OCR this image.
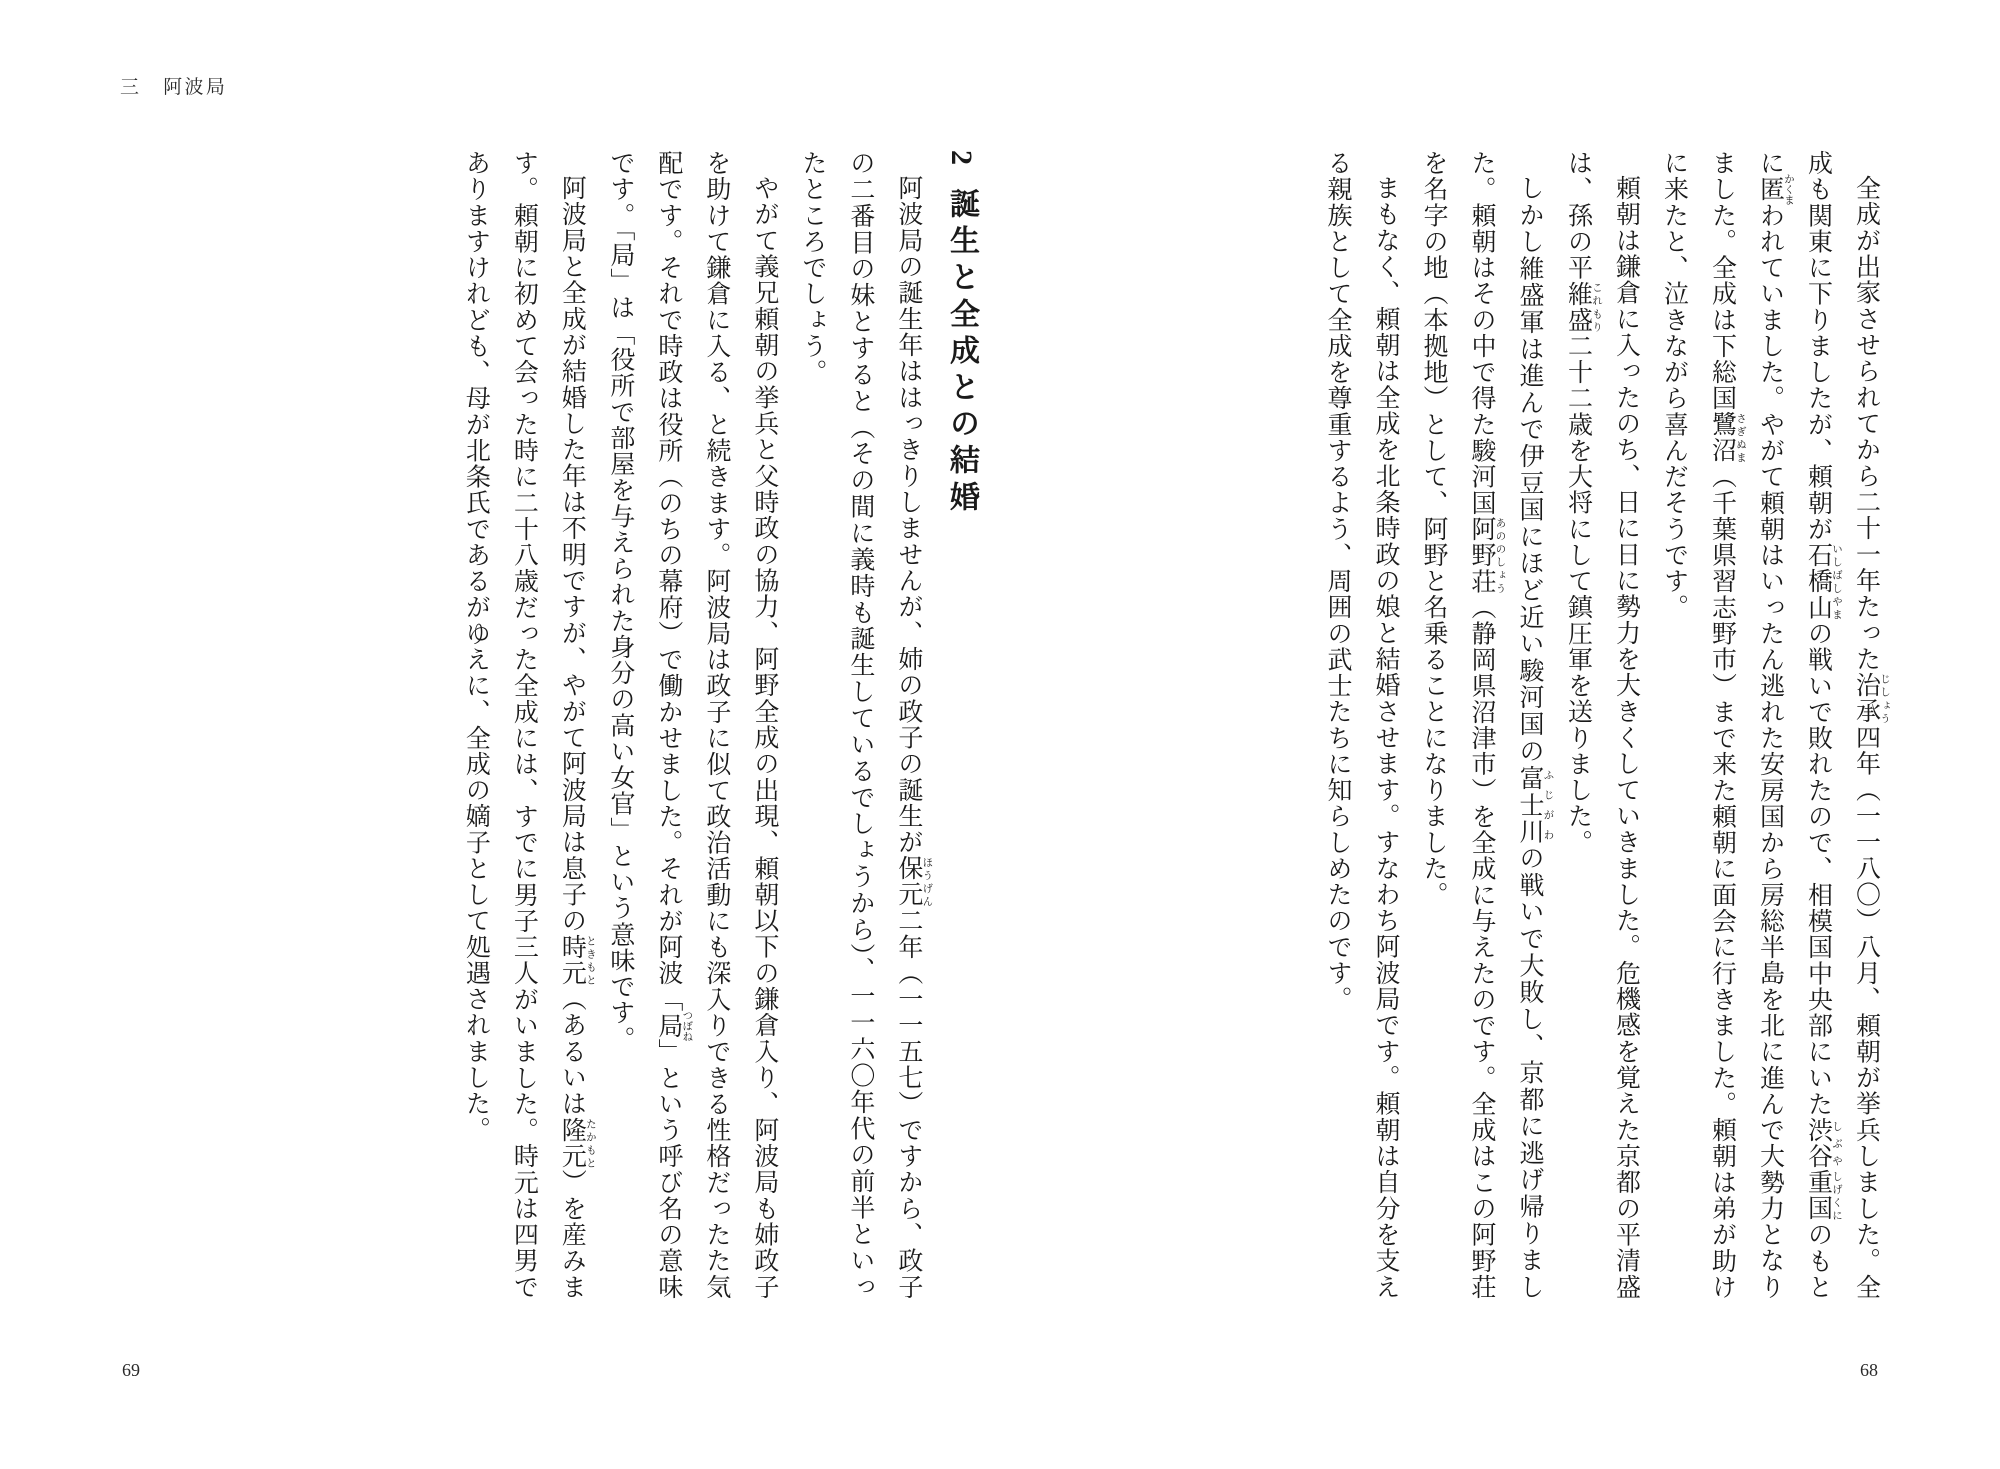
三 阿波局

全成が出家させられてから二十一年たった治承 じしょう四年（一一八〇）八月、頼朝が挙兵しました。全成も関東に下りましたが、頼朝が石橋山 いしばしやまの戦いで敗れたので、相模国中央部にいた渋谷 しぶや重国 しげくにのもとに匿 かくまわれていました。やがて頼朝はいったん逃れた安房国から房総半島を北に進んで大勢力となりました。全成は下総国鷺沼 さぎぬま（千葉県習志野市）まで来た頼朝に面会に行きました。頼朝は弟が助けに来たと、泣きながら喜んだそうです。

頼朝は鎌倉に入ったのち、日に日に勢力を大きくしていきました。危機感を覚えた京都の平清盛は、孫の平維盛 これもり二十二歳を大将にして鎮圧軍を送りました。

しかし維盛軍は進んで伊豆国にほど近い駿河国の富士川 ふじがわの戦いで大敗し、京都に逃げ帰りました。頼朝はその中で得た駿河国阿野荘 あののしょう（静岡県沼津市）を全成に与えたのです。全成はこの阿野荘を名字の地（本拠地）として、阿野と名乗ることになりました。

まもなく、頼朝は全成を北条時政の娘と結婚させます。すなわち阿波局です。頼朝は自分を支える親族として全成を尊重するよう、周囲の武士たちに知らしめたのです。

2誕生と全成との結婚

阿波局の誕生年ははっきりしませんが、姉の政子の誕生が保元 ほうげん二年（一一五七）ですから、政子の二番目の妹とすると（その間に義時も誕生しているでしょうから）、一一六〇年代の前半といったところでしょう。

やがて義兄頼朝の挙兵と父時政の協力、阿野全成の出現、頼朝以下の鎌倉入り、阿波局も姉政子を助けて鎌倉に入る、と続きます。阿波局は政子に似て政治活動にも深入りできる性格だったた気配です。それで時政は役所（のちの幕府）で働かせました。それが阿波「局 つぼね」という呼び名の意味です。「局」は「役所で部屋を与えられた身分の高い女官」という意味です。

阿波局と全成が結婚した年は不明ですが、やがて阿波局は息子の時元 ときもと（あるいは隆元 たかもと）を産みます。頼朝に初めて会った時に二十八歳だった全成には、すでに男子三人がいました。時元は四男でありますけれども、母が北条氏であるがゆえに、全成の嫡子として処遇されました。

69	68
